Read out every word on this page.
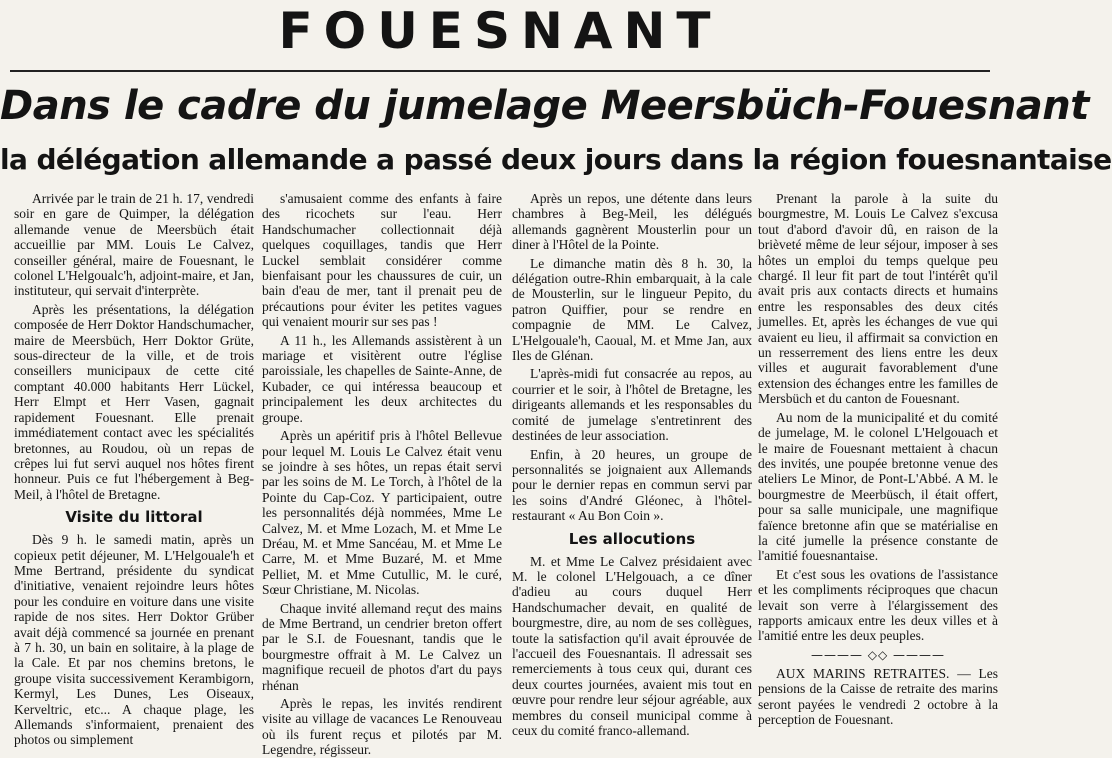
FOUESNANT
Dans le cadre du jumelage Meersbüch-Fouesnant
la délégation allemande a passé deux jours dans la région fouesnantaise

Arrivée par le train de 21 h. 17, vendredi soir en gare de Quimper, la délégation allemande venue de Meersbüch était accueillie par MM. Louis Le Calvez, conseiller général, maire de Fouesnant, le colonel L'Helgoualc'h, adjoint-maire, et Jan, instituteur, qui servait d'interprète.

Après les présentations, la délégation composée de Herr Doktor Handschumacher, maire de Meersbüch, Herr Doktor Grüte, sous-directeur de la ville, et de trois conseillers municipaux de cette cité comptant 40.000 habitants Herr Lückel, Herr Elmpt et Herr Vasen, gagnait rapidement Fouesnant. Elle prenait immédiatement contact avec les spécialités bretonnes, au Roudou, où un repas de crêpes lui fut servi auquel nos hôtes firent honneur. Puis ce fut l'hébergement à Beg-Meil, à l'hôtel de Bretagne.

Visite du littoral

Dès 9 h. le samedi matin, après un copieux petit déjeuner, M. L'Helgouale'h et Mme Bertrand, présidente du syndicat d'initiative, venaient rejoindre leurs hôtes pour les conduire en voiture dans une visite rapide de nos sites. Herr Doktor Grüber avait déjà commencé sa journée en prenant à 7 h. 30, un bain en solitaire, à la plage de la Cale. Et par nos chemins bretons, le groupe visita successivement Kerambigorn, Kermyl, Les Dunes, Les Oiseaux, Kerveltric, etc... A chaque plage, les Allemands s'informaient, prenaient des photos ou simplement

s'amusaient comme des enfants à faire des ricochets sur l'eau. Herr Handschumacher collectionnait déjà quelques coquillages, tandis que Herr Luckel semblait considérer comme bienfaisant pour les chaussures de cuir, un bain d'eau de mer, tant il prenait peu de précautions pour éviter les petites vagues qui venaient mourir sur ses pas !

A 11 h., les Allemands assistèrent à un mariage et visitèrent outre l'église paroissiale, les chapelles de Sainte-Anne, de Kubader, ce qui intéressa beaucoup et principalement les deux architectes du groupe.

Après un apéritif pris à l'hôtel Bellevue pour lequel M. Louis Le Calvez était venu se joindre à ses hôtes, un repas était servi par les soins de M. Le Torch, à l'hôtel de la Pointe du Cap-Coz. Y participaient, outre les personnalités déjà nommées, Mme Le Calvez, M. et Mme Lozach, M. et Mme Le Dréau, M. et Mme Sancéau, M. et Mme Le Carre, M. et Mme Buzaré, M. et Mme Pelliet, M. et Mme Cutullic, M. le curé, Sœur Christiane, M. Nicolas.

Chaque invité allemand reçut des mains de Mme Bertrand, un cendrier breton offert par le S.I. de Fouesnant, tandis que le bourgmestre offrait à M. Le Calvez un magnifique recueil de photos d'art du pays rhénan

Après le repas, les invités rendirent visite au village de vacances Le Renouveau où ils furent reçus et pilotés par M. Legendre, régisseur.

Après un repos, une détente dans leurs chambres à Beg-Meil, les délégués allemands gagnèrent Mousterlin pour un diner à l'Hôtel de la Pointe.

Le dimanche matin dès 8 h. 30, la délégation outre-Rhin embarquait, à la cale de Mousterlin, sur le lingueur Pepito, du patron Quiffier, pour se rendre en compagnie de MM. Le Calvez, L'Helgouale'h, Caoual, M. et Mme Jan, aux Iles de Glénan.

L'après-midi fut consacrée au repos, au courrier et le soir, à l'hôtel de Bretagne, les dirigeants allemands et les responsables du comité de jumelage s'entretinrent des destinées de leur association.

Enfin, à 20 heures, un groupe de personnalités se joignaient aux Allemands pour le dernier repas en commun servi par les soins d'André Gléonec, à l'hôtel-restaurant « Au Bon Coin ».

Les allocutions

M. et Mme Le Calvez présidaient avec M. le colonel L'Helgouach, a ce dîner d'adieu au cours duquel Herr Handschumacher devait, en qualité de bourgmestre, dire, au nom de ses collègues, toute la satisfaction qu'il avait éprouvée de l'accueil des Fouesnantais. Il adressait ses remerciements à tous ceux qui, durant ces deux courtes journées, avaient mis tout en œuvre pour rendre leur séjour agréable, aux membres du conseil municipal comme à ceux du comité franco-allemand.

Prenant la parole à la suite du bourgmestre, M. Louis Le Calvez s'excusa tout d'abord d'avoir dû, en raison de la brièveté même de leur séjour, imposer à ses hôtes un emploi du temps quelque peu chargé. Il leur fit part de tout l'intérêt qu'il avait pris aux contacts directs et humains entre les responsables des deux cités jumelles. Et, après les échanges de vue qui avaient eu lieu, il affirmait sa conviction en un resserrement des liens entre les deux villes et augurait favorablement d'une extension des échanges entre les familles de Mersbüch et du canton de Fouesnant.

Au nom de la municipalité et du comité de jumelage, M. le colonel L'Helgouach et le maire de Fouesnant mettaient à chacun des invités, une poupée bretonne venue des ateliers Le Minor, de Pont-L'Abbé. A M. le bourgmestre de Meerbüsch, il était offert, pour sa salle municipale, une magnifique faïence bretonne afin que se matérialise en la cité jumelle la présence constante de l'amitié fouesnantaise.

Et c'est sous les ovations de l'assistance et les compliments réciproques que chacun levait son verre à l'élargissement des rapports amicaux entre les deux villes et à l'amitié entre les deux peuples.

———— ◇◇ ————

AUX MARINS RETRAITES. — Les pensions de la Caisse de retraite des marins seront payées le vendredi 2 octobre à la perception de Fouesnant.
